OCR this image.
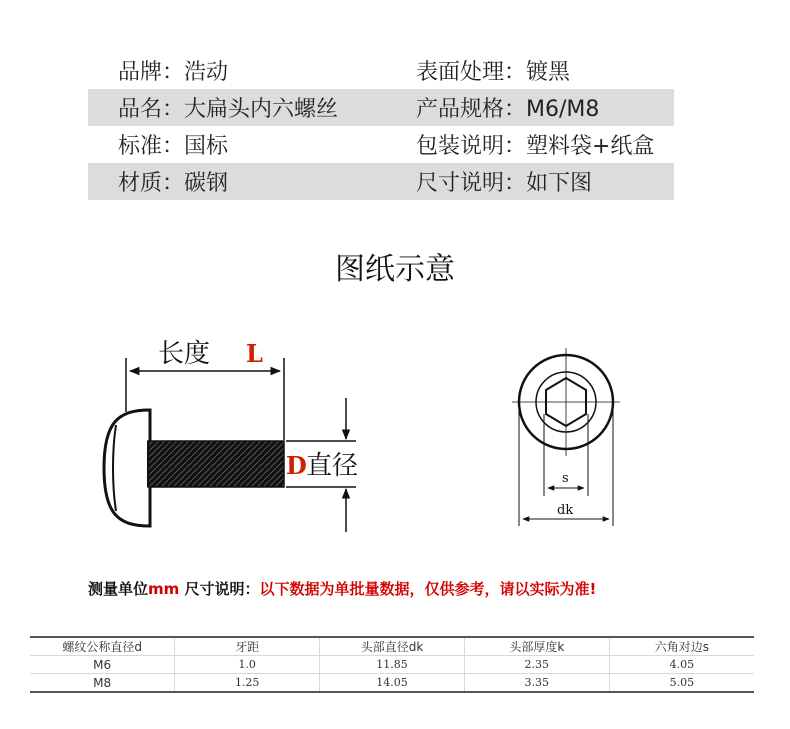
品牌：浩动	表面处理：镀黑
品名：大扁头内六螺丝	产品规格：M6/M8
标准：国标	包装说明：塑料袋+纸盒
材质：碳钢	尺寸说明：如下图
图纸示意
长度 L
D 直径	s
dk
测量单位mm 尺寸说明：以下数据为单批量数据，仅供参考，请以实际为准!
螺纹公称直径d	牙距	头部直径dk	头部厚度k	六角对边s
M6	1.0	11.85	2.35	4.05
M8	1.25	14.05	3.35	5.05
